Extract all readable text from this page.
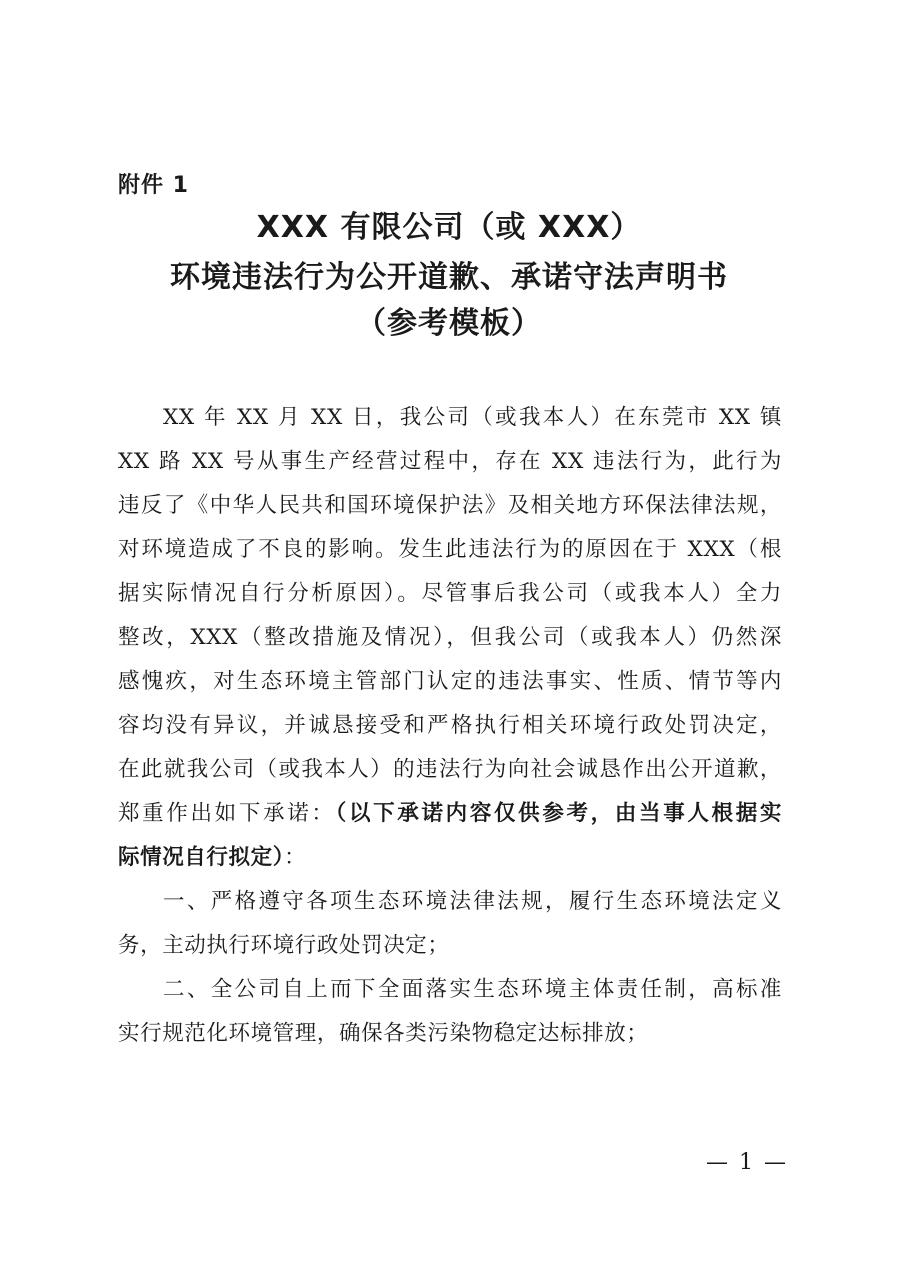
附件 1
XXX 有限公司（或 XXX）
环境违法行为公开道歉、承诺守法声明书
（参考模板）
XX 年 XX 月 XX 日，我公司（或我本人）在东莞市 XX 镇
XX 路 XX 号从事生产经营过程中，存在 XX 违法行为，此行为
违反了《中华人民共和国环境保护法》及相关地方环保法律法规，
对环境造成了不良的影响。发生此违法行为的原因在于 XXX（根
据实际情况自行分析原因）。尽管事后我公司（或我本人）全力
整改，XXX（整改措施及情况），但我公司（或我本人）仍然深
感愧疚，对生态环境主管部门认定的违法事实、性质、情节等内
容均没有异议，并诚恳接受和严格执行相关环境行政处罚决定，
在此就我公司（或我本人）的违法行为向社会诚恳作出公开道歉，
郑重作出如下承诺：（以下承诺内容仅供参考，由当事人根据实
际情况自行拟定）：
一、严格遵守各项生态环境法律法规，履行生态环境法定义
务，主动执行环境行政处罚决定；
二、全公司自上而下全面落实生态环境主体责任制，高标准
实行规范化环境管理，确保各类污染物稳定达标排放；
— 1 —
